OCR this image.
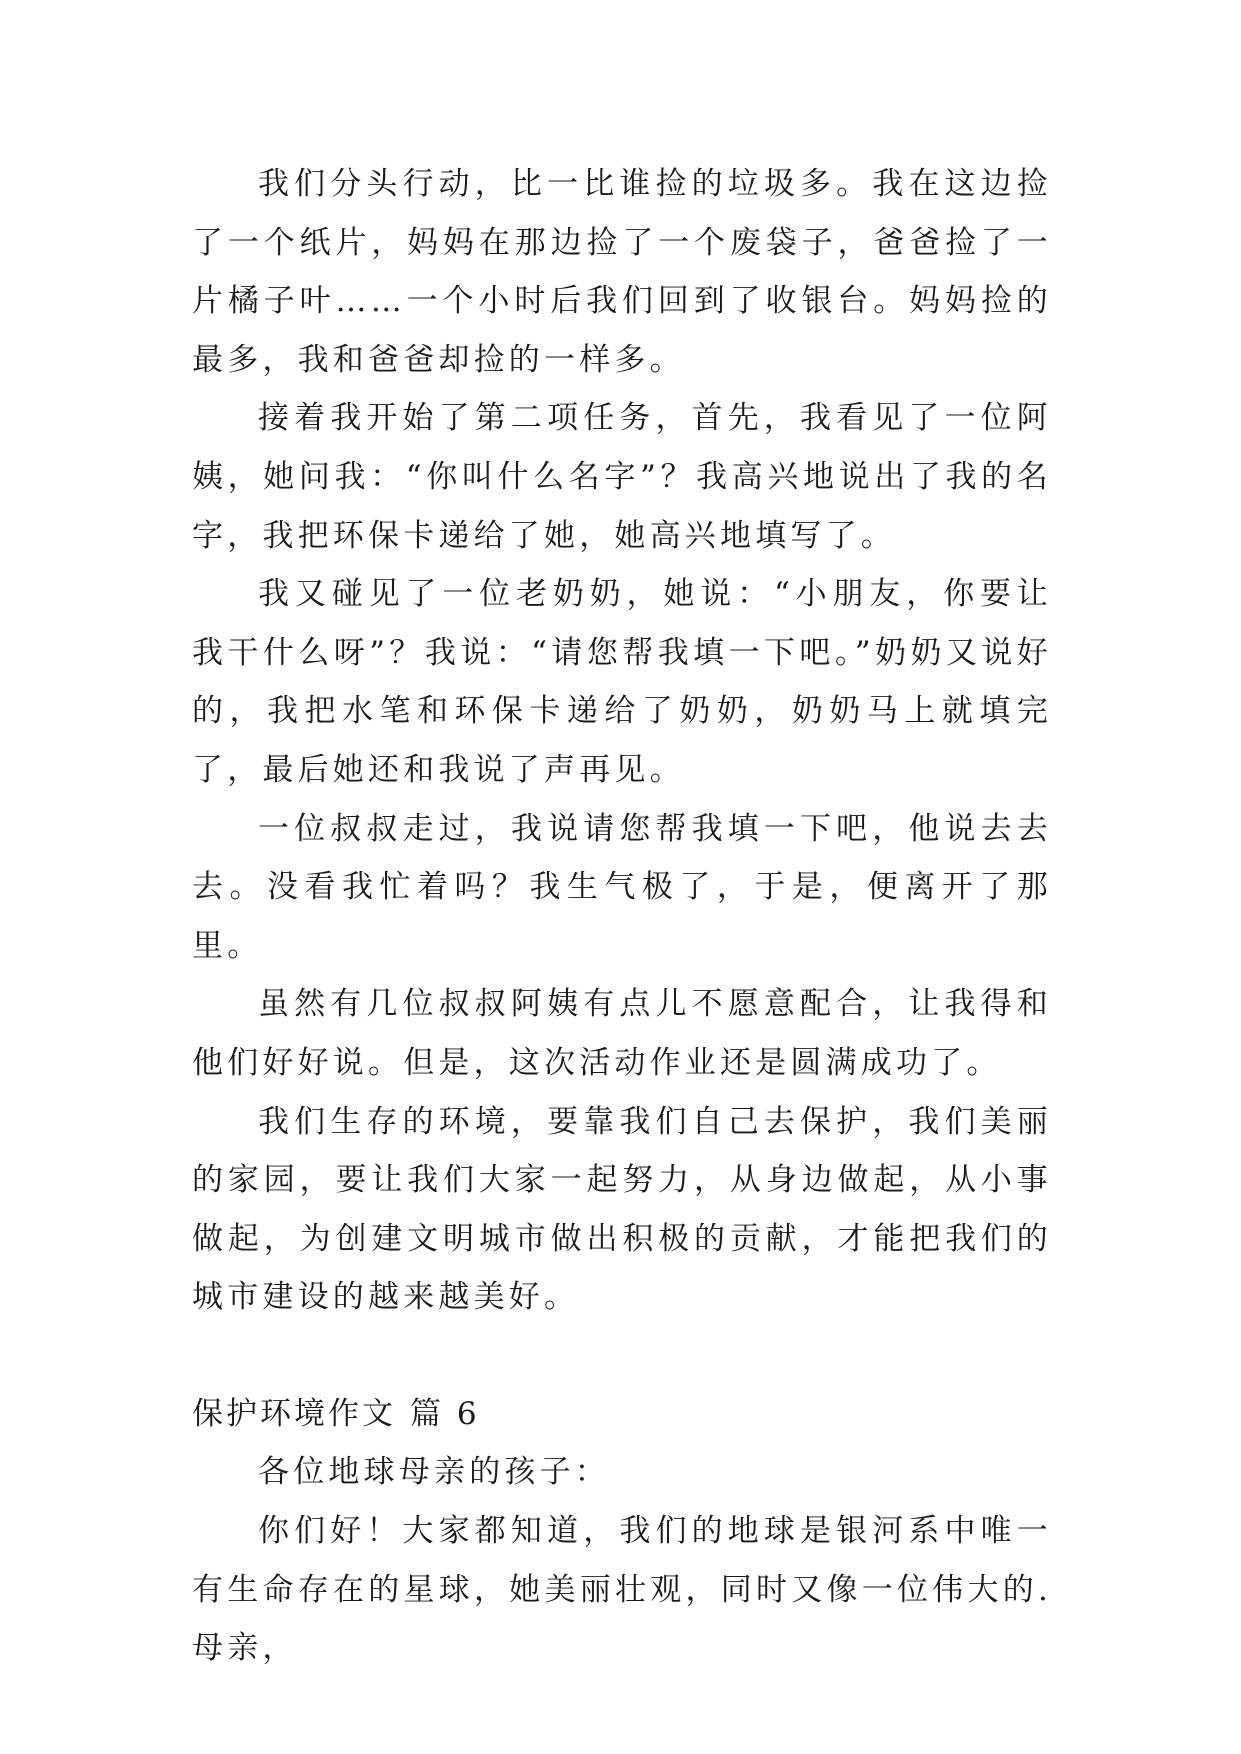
我们分头行动，比一比谁捡的垃圾多。我在这边捡了一个纸片，妈妈在那边捡了一个废袋子，爸爸捡了一片橘子叶……一个小时后我们回到了收银台。妈妈捡的最多，我和爸爸却捡的一样多。

接着我开始了第二项任务，首先，我看见了一位阿姨，她问我：“你叫什么名字”？我高兴地说出了我的名字，我把环保卡递给了她，她高兴地填写了。

我又碰见了一位老奶奶，她说：“小朋友，你要让我干什么呀”？我说：“请您帮我填一下吧。”奶奶又说好的，我把水笔和环保卡递给了奶奶，奶奶马上就填完了，最后她还和我说了声再见。

一位叔叔走过，我说请您帮我填一下吧，他说去去去。没看我忙着吗？我生气极了，于是，便离开了那里。

虽然有几位叔叔阿姨有点儿不愿意配合，让我得和他们好好说。但是，这次活动作业还是圆满成功了。

我们生存的环境，要靠我们自己去保护，我们美丽的家园，要让我们大家一起努力，从身边做起，从小事做起，为创建文明城市做出积极的贡献，才能把我们的城市建设的越来越美好。

保护环境作文 篇 6

各位地球母亲的孩子：

你们好！大家都知道，我们的地球是银河系中唯一有生命存在的星球，她美丽壮观，同时又像一位伟大的.母亲，
